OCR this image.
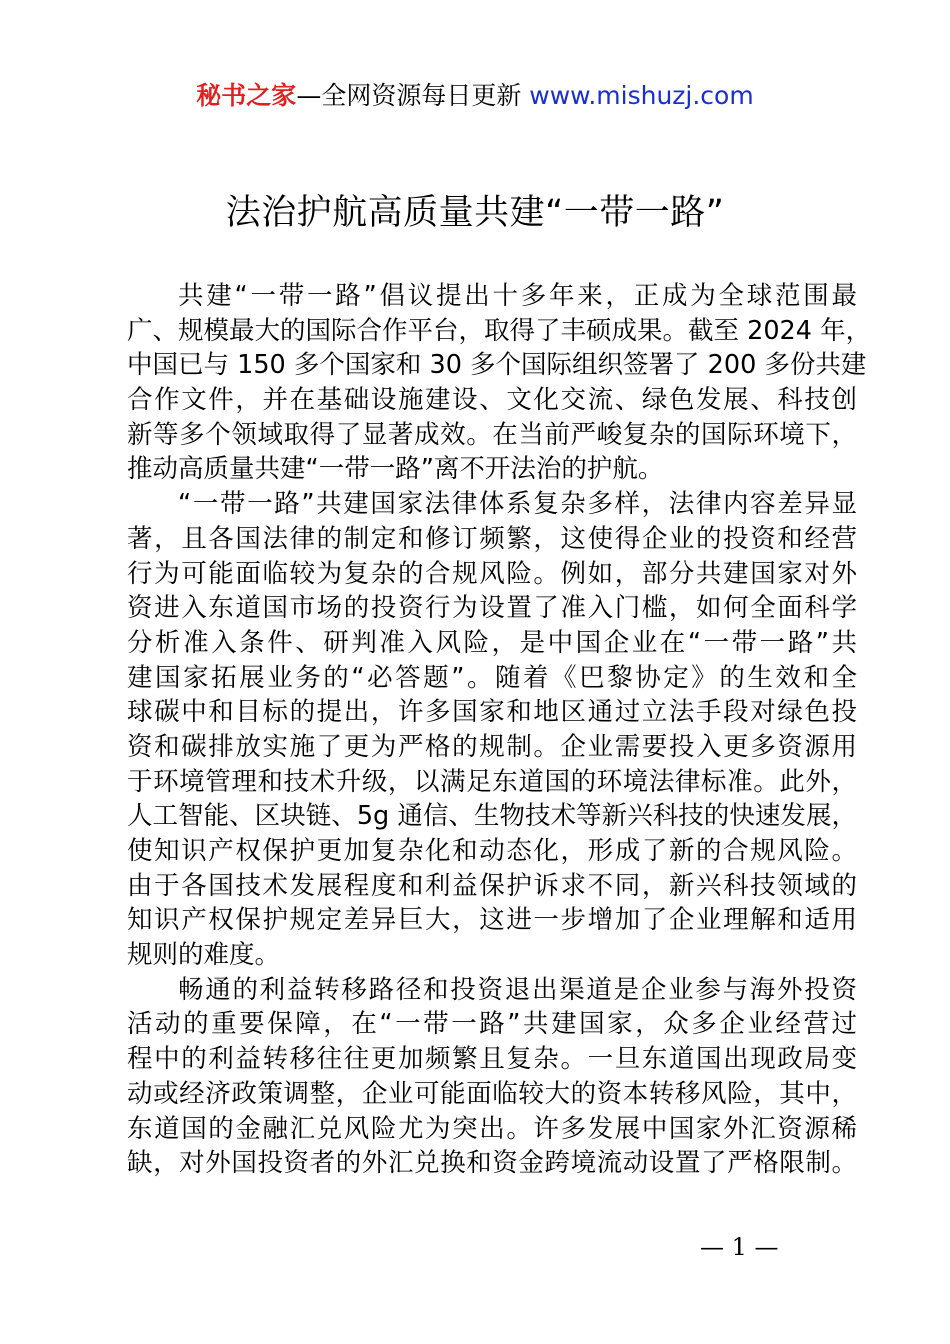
秘书之家—全网资源每日更新 www.mishuzj.com
法治护航高质量共建“一带一路”
共建“一带一路”倡议提出十多年来，正成为全球范围最
广、规模最大的国际合作平台，取得了丰硕成果。截至 2024 年，
中国已与 150 多个国家和 30 多个国际组织签署了 200 多份共建
合作文件，并在基础设施建设、文化交流、绿色发展、科技创
新等多个领域取得了显著成效。在当前严峻复杂的国际环境下，
推动高质量共建“一带一路”离不开法治的护航。
“一带一路”共建国家法律体系复杂多样，法律内容差异显
著，且各国法律的制定和修订频繁，这使得企业的投资和经营
行为可能面临较为复杂的合规风险。例如，部分共建国家对外
资进入东道国市场的投资行为设置了准入门槛，如何全面科学
分析准入条件、研判准入风险，是中国企业在“一带一路”共
建国家拓展业务的“必答题”。随着《巴黎协定》的生效和全
球碳中和目标的提出，许多国家和地区通过立法手段对绿色投
资和碳排放实施了更为严格的规制。企业需要投入更多资源用
于环境管理和技术升级，以满足东道国的环境法律标准。此外，
人工智能、区块链、5g 通信、生物技术等新兴科技的快速发展，
使知识产权保护更加复杂化和动态化，形成了新的合规风险。
由于各国技术发展程度和利益保护诉求不同，新兴科技领域的
知识产权保护规定差异巨大，这进一步增加了企业理解和适用
规则的难度。
畅通的利益转移路径和投资退出渠道是企业参与海外投资
活动的重要保障，在“一带一路”共建国家，众多企业经营过
程中的利益转移往往更加频繁且复杂。一旦东道国出现政局变
动或经济政策调整，企业可能面临较大的资本转移风险，其中，
东道国的金融汇兑风险尤为突出。许多发展中国家外汇资源稀
缺，对外国投资者的外汇兑换和资金跨境流动设置了严格限制。
— 1 —
